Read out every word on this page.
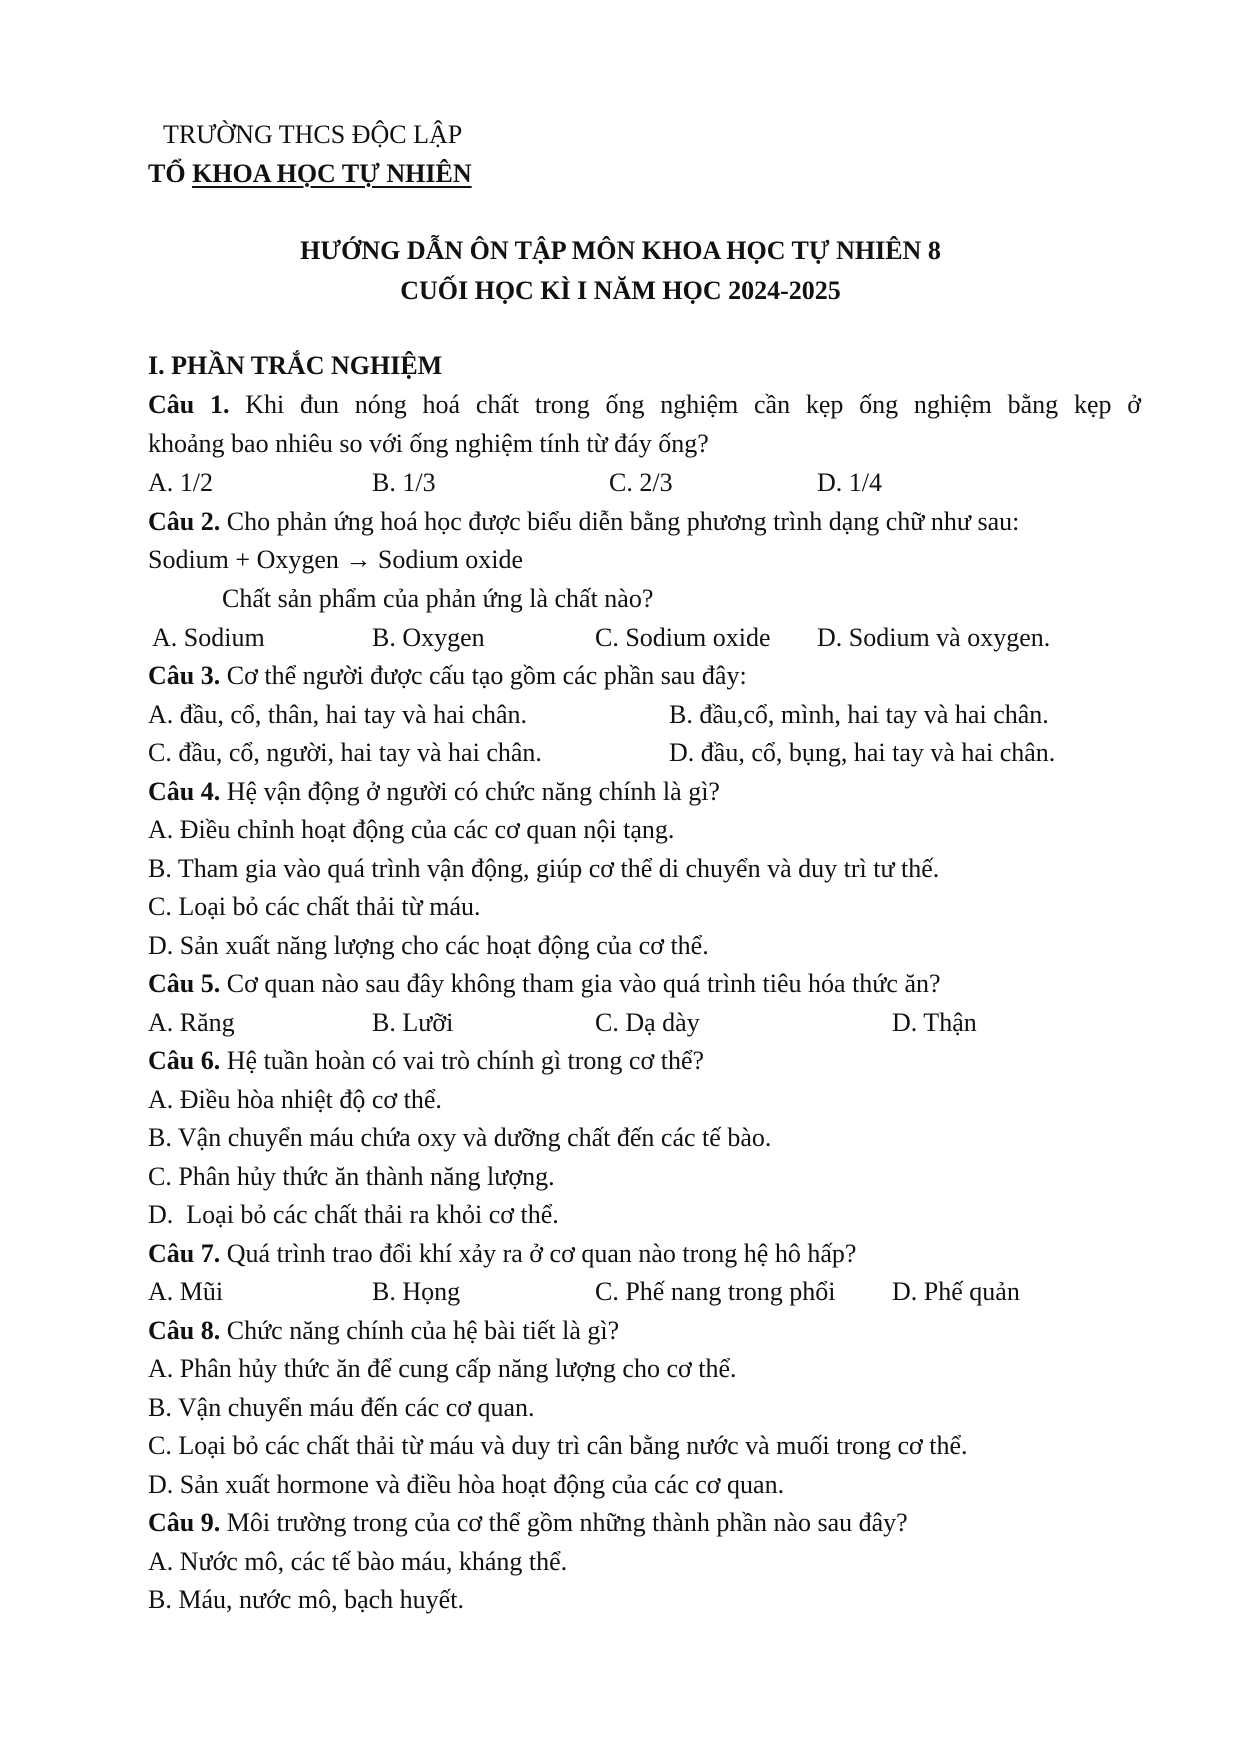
TRƯỜNG THCS ĐỘC LẬP
TỔ KHOA HỌC TỰ NHIÊN
HƯỚNG DẪN ÔN TẬP MÔN KHOA HỌC TỰ NHIÊN 8
CUỐI HỌC KÌ I NĂM HỌC 2024-2025
I. PHẦN TRẮC NGHIỆM
Câu 1. Khi đun nóng hoá chất trong ống nghiệm cần kẹp ống nghiệm bằng kẹp ở
khoảng bao nhiêu so với ống nghiệm tính từ đáy ống?
A. 1/2	B. 1/3	C. 2/3	D. 1/4
Câu 2. Cho phản ứng hoá học được biểu diễn bằng phương trình dạng chữ như sau:
Sodium + Oxygen → Sodium oxide
Chất sản phẩm của phản ứng là chất nào?
A. Sodium	B. Oxygen	C. Sodium oxide D. Sodium và oxygen.
Câu 3. Cơ thể người được cấu tạo gồm các phần sau đây:
A. đầu, cổ, thân, hai tay và hai chân.	B. đầu,cổ, mình, hai tay và hai chân.
C. đầu, cổ, người, hai tay và hai chân.	D. đầu, cổ, bụng, hai tay và hai chân.
Câu 4. Hệ vận động ở người có chức năng chính là gì?
A. Điều chỉnh hoạt động của các cơ quan nội tạng.
B. Tham gia vào quá trình vận động, giúp cơ thể di chuyển và duy trì tư thế.
C. Loại bỏ các chất thải từ máu.
D. Sản xuất năng lượng cho các hoạt động của cơ thể.
Câu 5. Cơ quan nào sau đây không tham gia vào quá trình tiêu hóa thức ăn?
A. Răng	B. Lưỡi	C. Dạ dày	D. Thận
Câu 6. Hệ tuần hoàn có vai trò chính gì trong cơ thể?
A. Điều hòa nhiệt độ cơ thể.
B. Vận chuyển máu chứa oxy và dưỡng chất đến các tế bào.
C. Phân hủy thức ăn thành năng lượng.
D.  Loại bỏ các chất thải ra khỏi cơ thể.
Câu 7. Quá trình trao đổi khí xảy ra ở cơ quan nào trong hệ hô hấp?
A. Mũi	B. Họng	C. Phế nang trong phổi D. Phế quản
Câu 8. Chức năng chính của hệ bài tiết là gì?
A. Phân hủy thức ăn để cung cấp năng lượng cho cơ thể.
B. Vận chuyển máu đến các cơ quan.
C. Loại bỏ các chất thải từ máu và duy trì cân bằng nước và muối trong cơ thể.
D. Sản xuất hormone và điều hòa hoạt động của các cơ quan.
Câu 9. Môi trường trong của cơ thể gồm những thành phần nào sau đây?
A. Nước mô, các tế bào máu, kháng thể.
B. Máu, nước mô, bạch huyết.
